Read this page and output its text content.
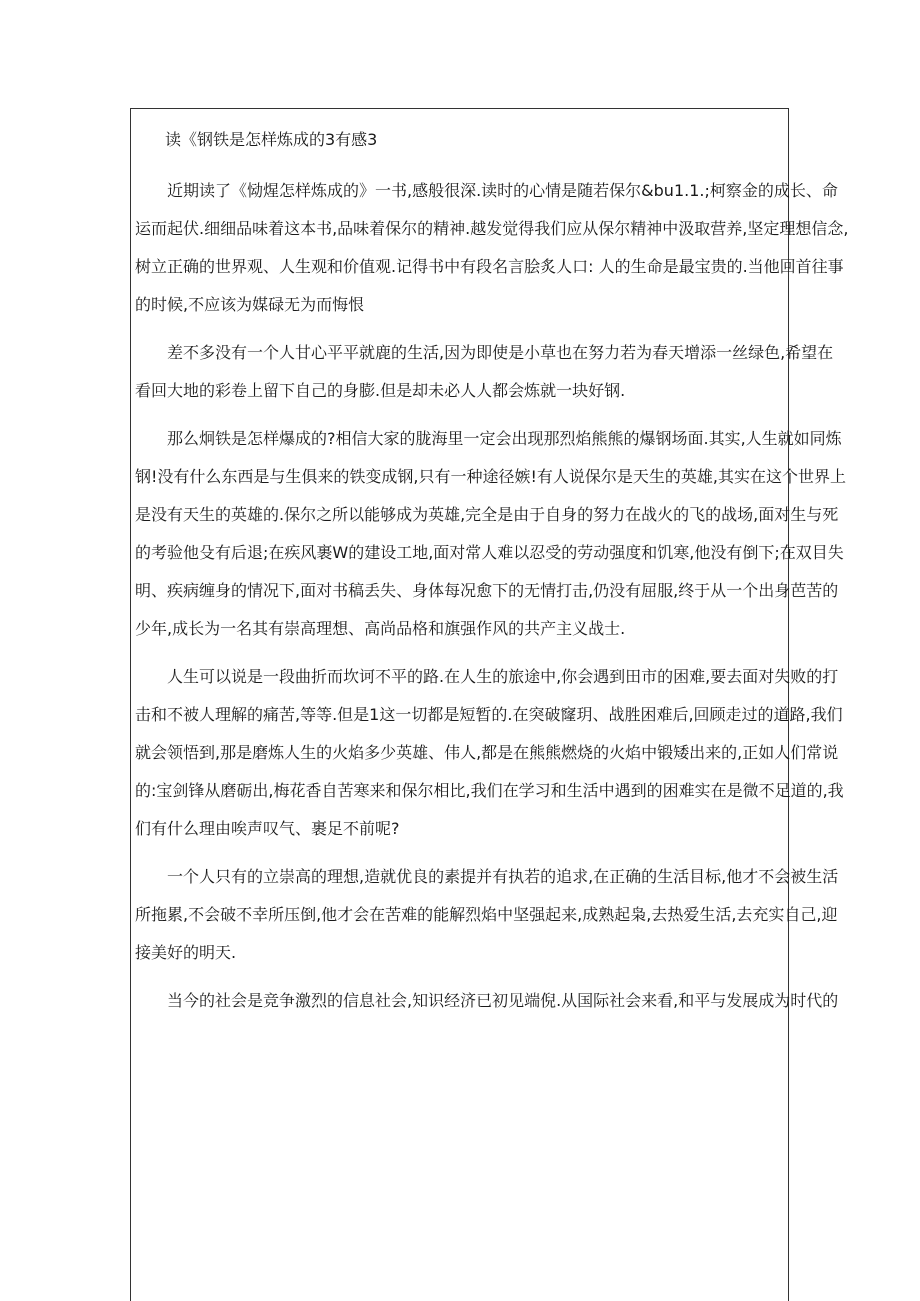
读《钢铁是怎样炼成的3有感3

近期读了《恸煋怎样炼成的》一书,感般很深.读时的心情是随若保尔&bu1.1.;柯察金的成长、命
运而起伏.细细品味着这本书,品味着保尔的精神.越发觉得我们应从保尔精神中汲取营养,坚定理想信念,
树立正确的世界观、人生观和价值观.记得书中有段名言脍炙人口: 人的生命是最宝贵的.当他回首往事
的时候,不应该为媒碌无为而悔恨

差不多没有一个人甘心平平就鹿的生活,因为即使是小草也在努力若为春天增添一丝绿色,希望在
看回大地的彩卷上留下自己的身膨.但是却未必人人都会炼就一块好钢.

那么炯铁是怎样爆成的?相信大家的胧海里一定会出现那烈焰熊熊的爆钢场面.其实,人生就如同炼
钢!没有什么东西是与生俱来的铁变成钢,只有一种途径嫉!有人说保尔是天生的英雄,其实在这个世界上
是没有天生的英雄的.保尔之所以能够成为英雄,完全是由于自身的努力在战火的飞的战场,面对生与死
的考验他殳有后退;在疾风裹W的建设工地,面对常人难以忍受的劳动强度和饥寒,他没有倒下;在双目失
明、疾病缠身的情况下,面对书稿丢失、身体每况愈下的无情打击,仍没有屈服,终于从一个出身芭苦的
少年,成长为一名其有崇高理想、高尚品格和旗强作风的共产主义战士.

人生可以说是一段曲折而坎诃不平的路.在人生的旅途中,你会遇到田市的困难,要去面对失败的打
击和不被人理解的痛苦,等等.但是1这一切都是短暂的.在突破窿玥、战胜困难后,回顾走过的道路,我们
就会领悟到,那是磨炼人生的火焰多少英雄、伟人,都是在熊熊燃烧的火焰中锻矮出来的,正如人们常说
的:宝剑锋从磨砺出,梅花香自苦寒来和保尔相比,我们在学习和生活中遇到的困难实在是微不足道的,我
们有什么理由唉声叹气、裹足不前呢?

一个人只有的立崇高的理想,造就优良的素提并有执若的追求,在正确的生活目标,他才不会被生活
所拖累,不会破不幸所压倒,他才会在苦难的能解烈焰中坚强起来,成熟起枭,去热爱生活,去充实自己,迎
接美好的明天.

当今的社会是竞争激烈的信息社会,知识经济已初见端倪.从国际社会来看,和平与发展成为时代的
